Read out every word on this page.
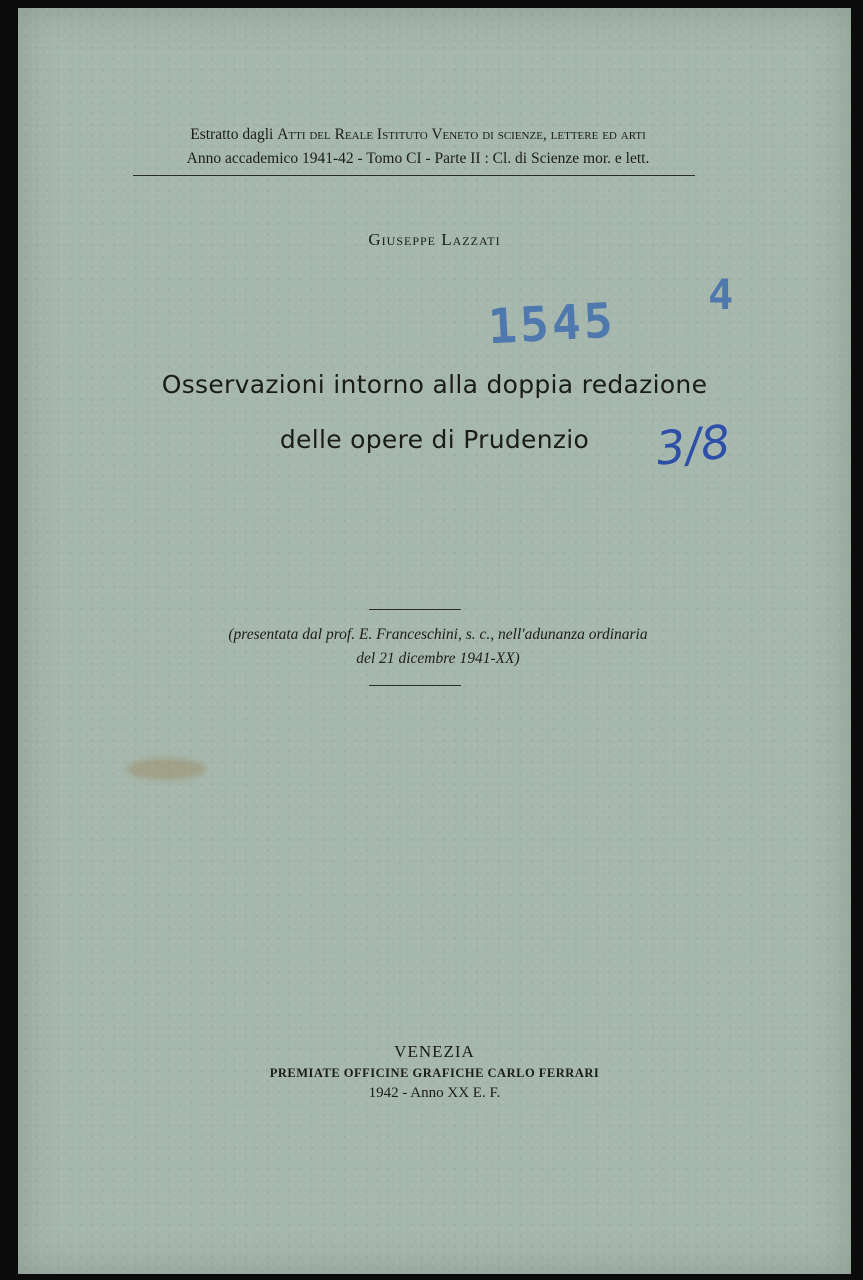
Estratto dagli Atti del Reale Istituto Veneto di scienze, lettere ed arti
Anno accademico 1941-42 - Tomo CI - Parte II : Cl. di Scienze mor. e lett.
Giuseppe Lazzati
1545 4
Osservazioni intorno alla doppia redazione
delle opere di Prudenzio	3/8
(presentata dal prof. E. Franceschini, s. c., nell'adunanza ordinaria
del 21 dicembre 1941-XX)
VENEZIA
PREMIATE OFFICINE GRAFICHE CARLO FERRARI
1942 - Anno XX E. F.
